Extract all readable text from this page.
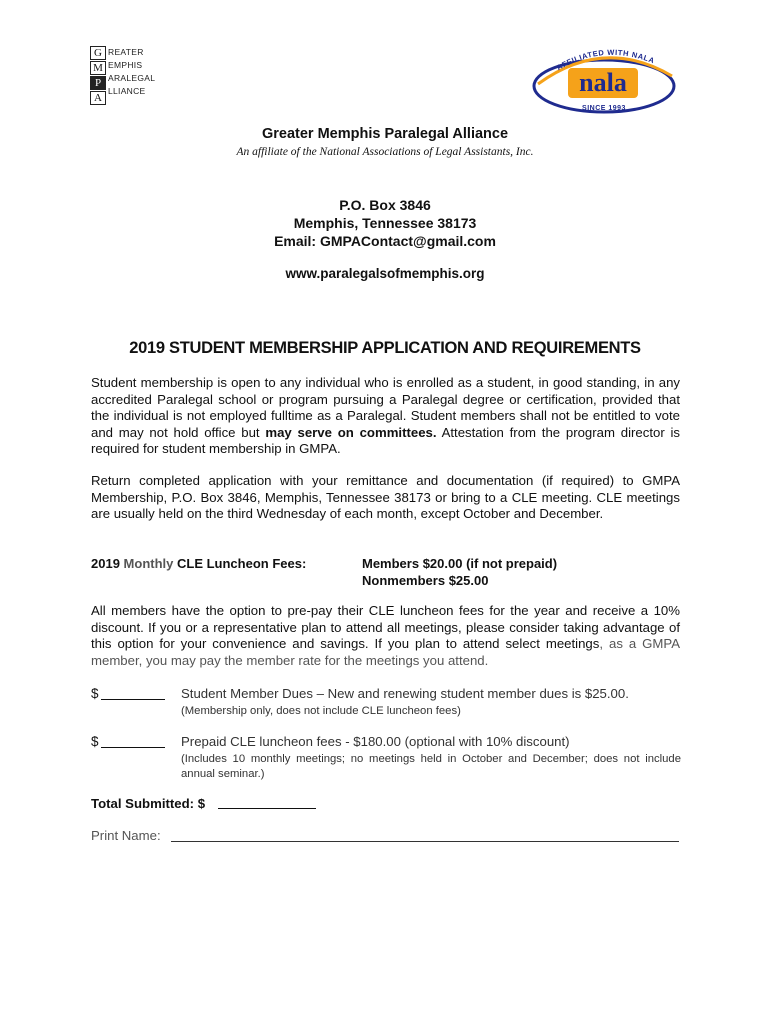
G
M
P
A
REATER
EMPHIS
ARALEGAL
LLIANCE
AFFILIATED WITH NALA
nala
SINCE 1993
Greater Memphis Paralegal Alliance
An affiliate of the National Associations of Legal Assistants, Inc.
P.O. Box 3846
Memphis, Tennessee 38173
Email: GMPAContact@gmail.com
www.paralegalsofmemphis.org
2019 STUDENT MEMBERSHIP APPLICATION AND REQUIREMENTS
Student membership is open to any individual who is enrolled as a student, in good standing, in any accredited Paralegal school or program pursuing a Paralegal degree or certification, provided that the individual is not employed fulltime as a Paralegal. Student members shall not be entitled to vote and may not hold office but may serve on committees. Attestation from the program director is required for student membership in GMPA.
Return completed application with your remittance and documentation (if required) to GMPA Membership, P.O. Box 3846, Memphis, Tennessee 38173 or bring to a CLE meeting. CLE meetings are usually held on the third Wednesday of each month, except October and December.
2019 Monthly CLE Luncheon Fees:	Members $20.00 (if not prepaid)
Nonmembers $25.00
All members have the option to pre-pay their CLE luncheon fees for the year and receive a 10% discount. If you or a representative plan to attend all meetings, please consider taking advantage of this option for your convenience and savings. If you plan to attend select meetings, as a GMPA member, you may pay the member rate for the meetings you attend.
$	Student Member Dues – New and renewing student member dues is $25.00.
(Membership only, does not include CLE luncheon fees)
$	Prepaid CLE luncheon fees - $180.00 (optional with 10% discount)
(Includes 10 monthly meetings; no meetings held in October and December; does not include annual seminar.)
Total Submitted: $
Print Name:
